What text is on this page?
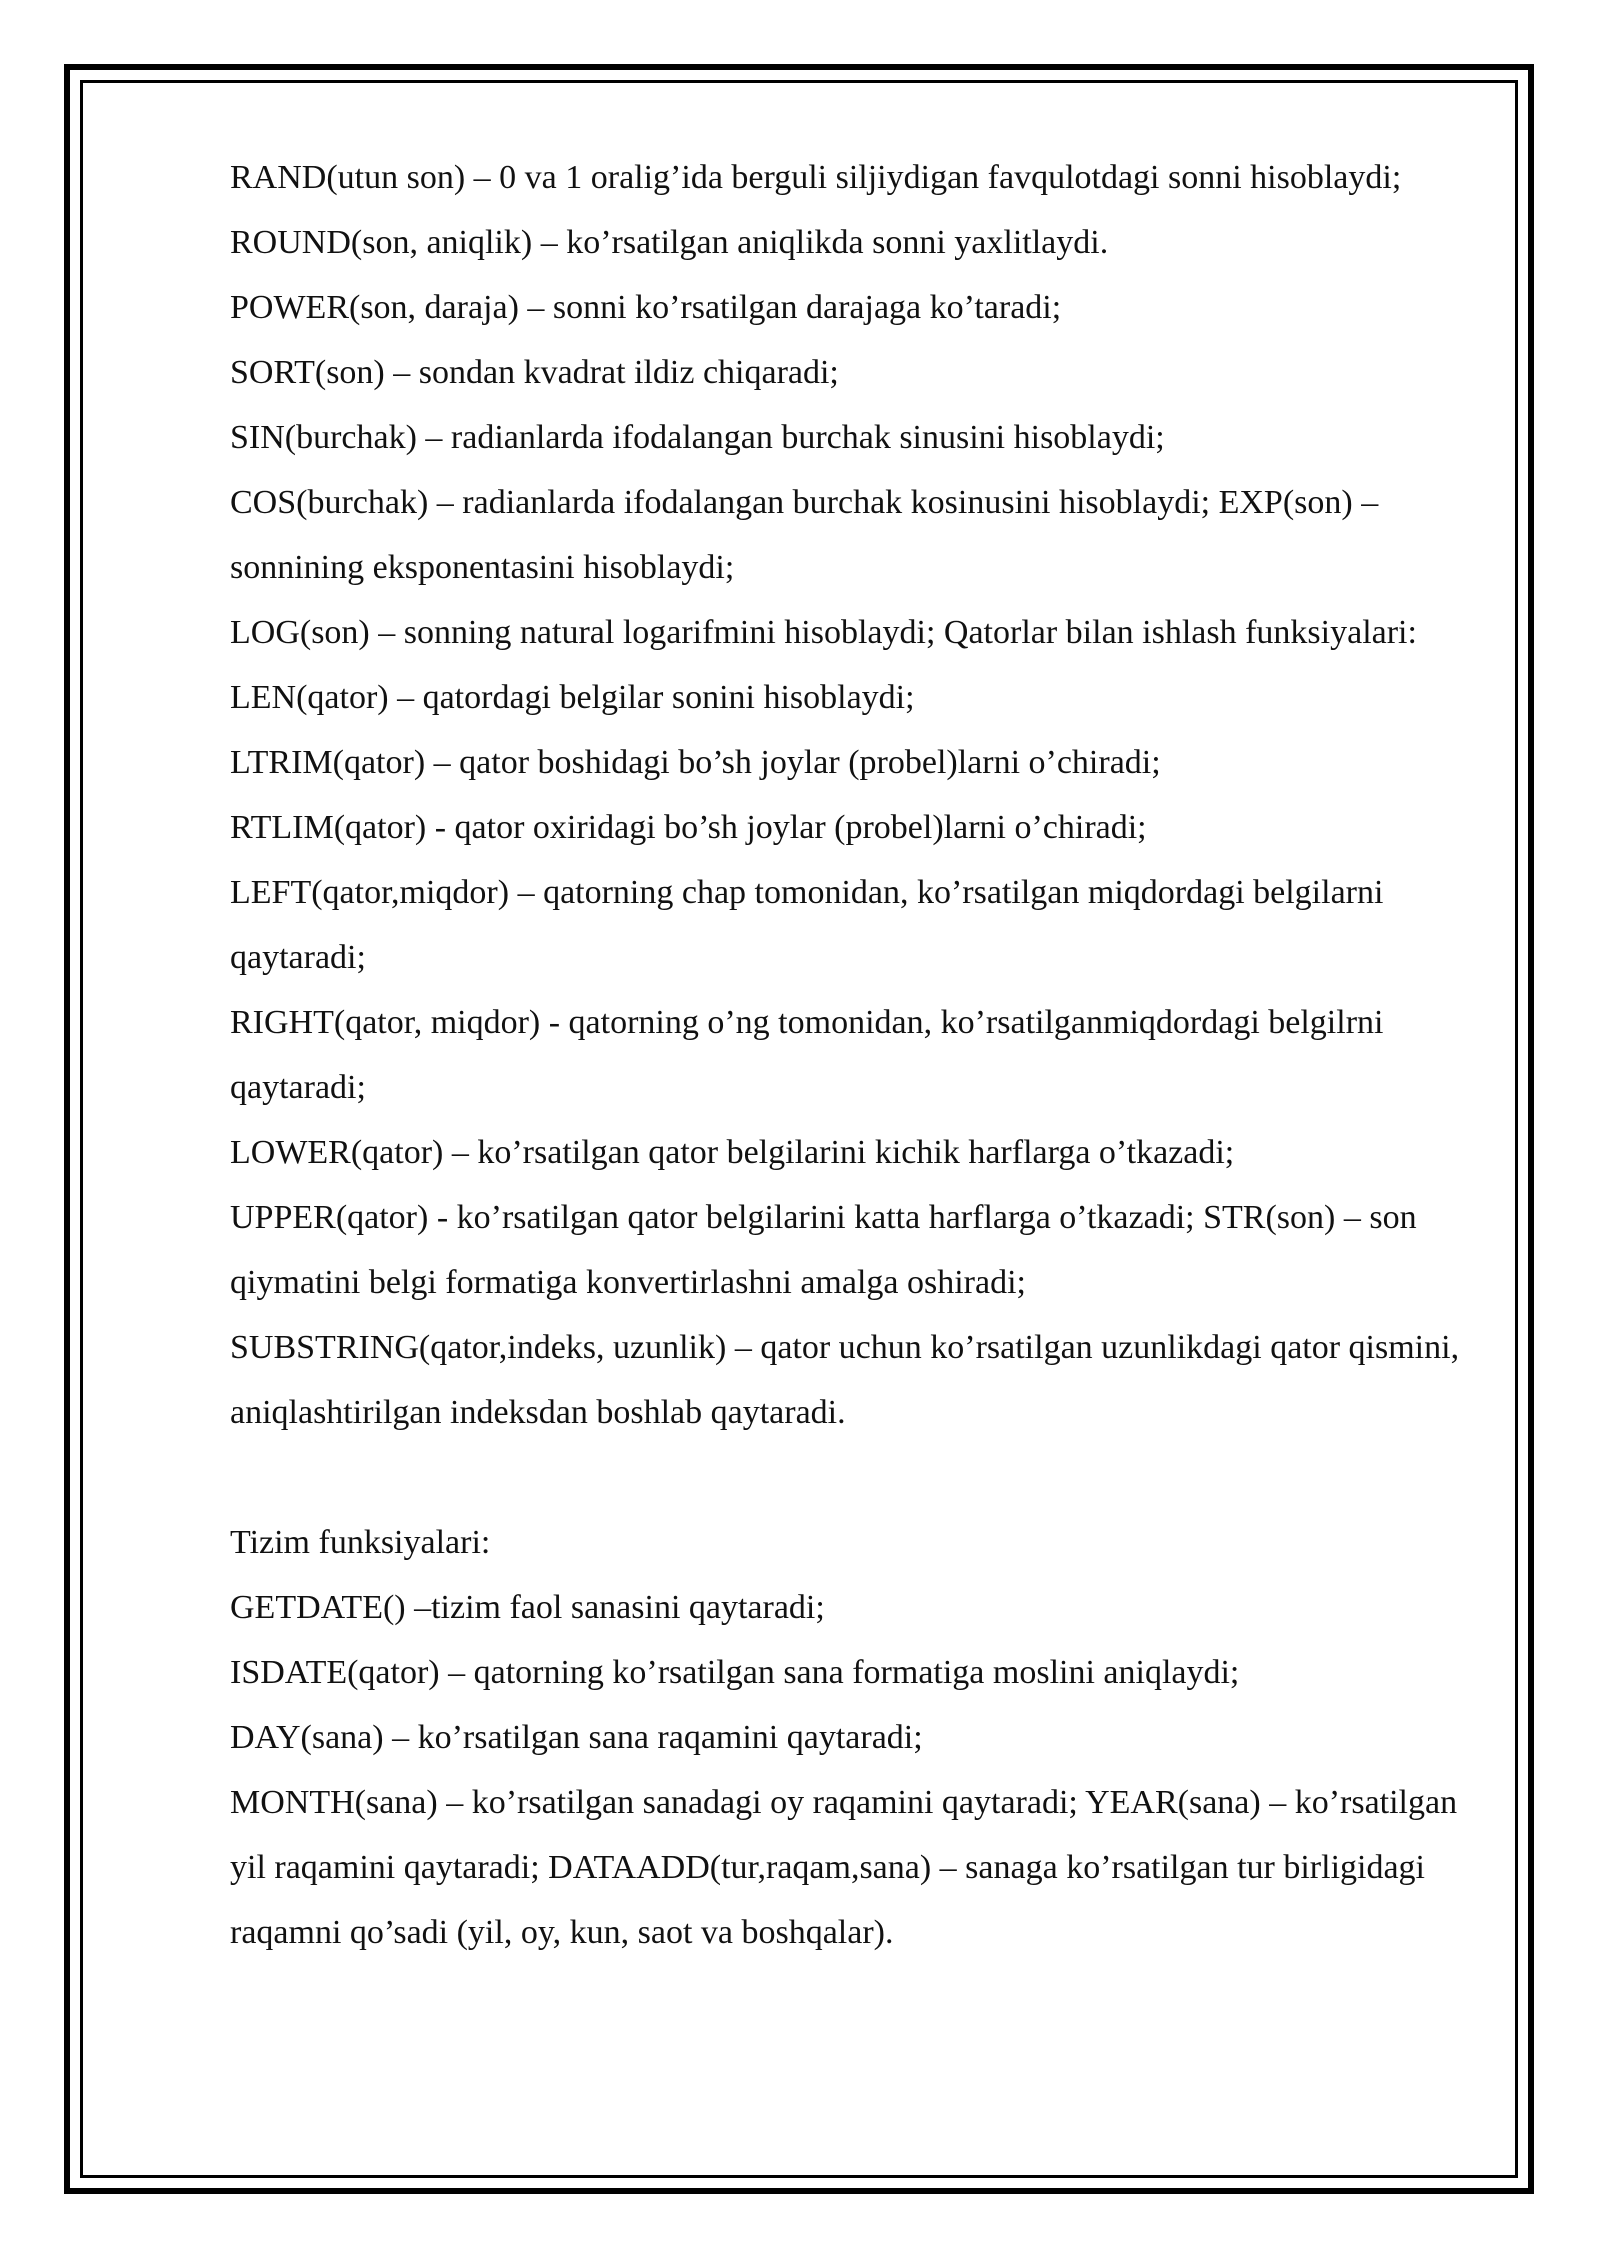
RAND(utun son) – 0 va 1 oralig’ida berguli siljiydigan favqulotdagi sonni hisoblaydi;

ROUND(son, aniqlik) – ko’rsatilgan aniqlikda sonni yaxlitlaydi.

POWER(son, daraja) – sonni ko’rsatilgan darajaga ko’taradi;

SORT(son) – sondan kvadrat ildiz chiqaradi;

SIN(burchak) – radianlarda ifodalangan burchak sinusini hisoblaydi;

COS(burchak) – radianlarda ifodalangan burchak kosinusini hisoblaydi; EXP(son) – sonnining eksponentasini hisoblaydi;

LOG(son) – sonning natural logarifmini hisoblaydi; Qatorlar bilan ishlash funksiyalari:

LEN(qator) – qatordagi belgilar sonini hisoblaydi;

LTRIM(qator) – qator boshidagi bo’sh joylar (probel)larni o’chiradi;

RTLIM(qator) - qator oxiridagi bo’sh joylar (probel)larni o’chiradi;

LEFT(qator,miqdor) – qatorning chap tomonidan, ko’rsatilgan miqdordagi belgilarni qaytaradi;

RIGHT(qator, miqdor) - qatorning o’ng tomonidan, ko’rsatilganmiqdordagi belgilrni qaytaradi;

LOWER(qator) – ko’rsatilgan qator belgilarini kichik harflarga o’tkazadi;

UPPER(qator) - ko’rsatilgan qator belgilarini katta harflarga o’tkazadi; STR(son) – son qiymatini belgi formatiga konvertirlashni amalga oshiradi;

SUBSTRING(qator,indeks, uzunlik) – qator uchun ko’rsatilgan uzunlikdagi qator qismini, aniqlashtirilgan indeksdan boshlab qaytaradi.

Tizim funksiyalari:

GETDATE() –tizim faol sanasini qaytaradi;

ISDATE(qator) – qatorning ko’rsatilgan sana formatiga moslini aniqlaydi;

DAY(sana) – ko’rsatilgan sana raqamini qaytaradi;

MONTH(sana) – ko’rsatilgan sanadagi oy raqamini qaytaradi; YEAR(sana) – ko’rsatilgan yil raqamini qaytaradi; DATAADD(tur,raqam,sana) – sanaga ko’rsatilgan tur birligidagi raqamni qo’sadi (yil, oy, kun, saot va boshqalar).
